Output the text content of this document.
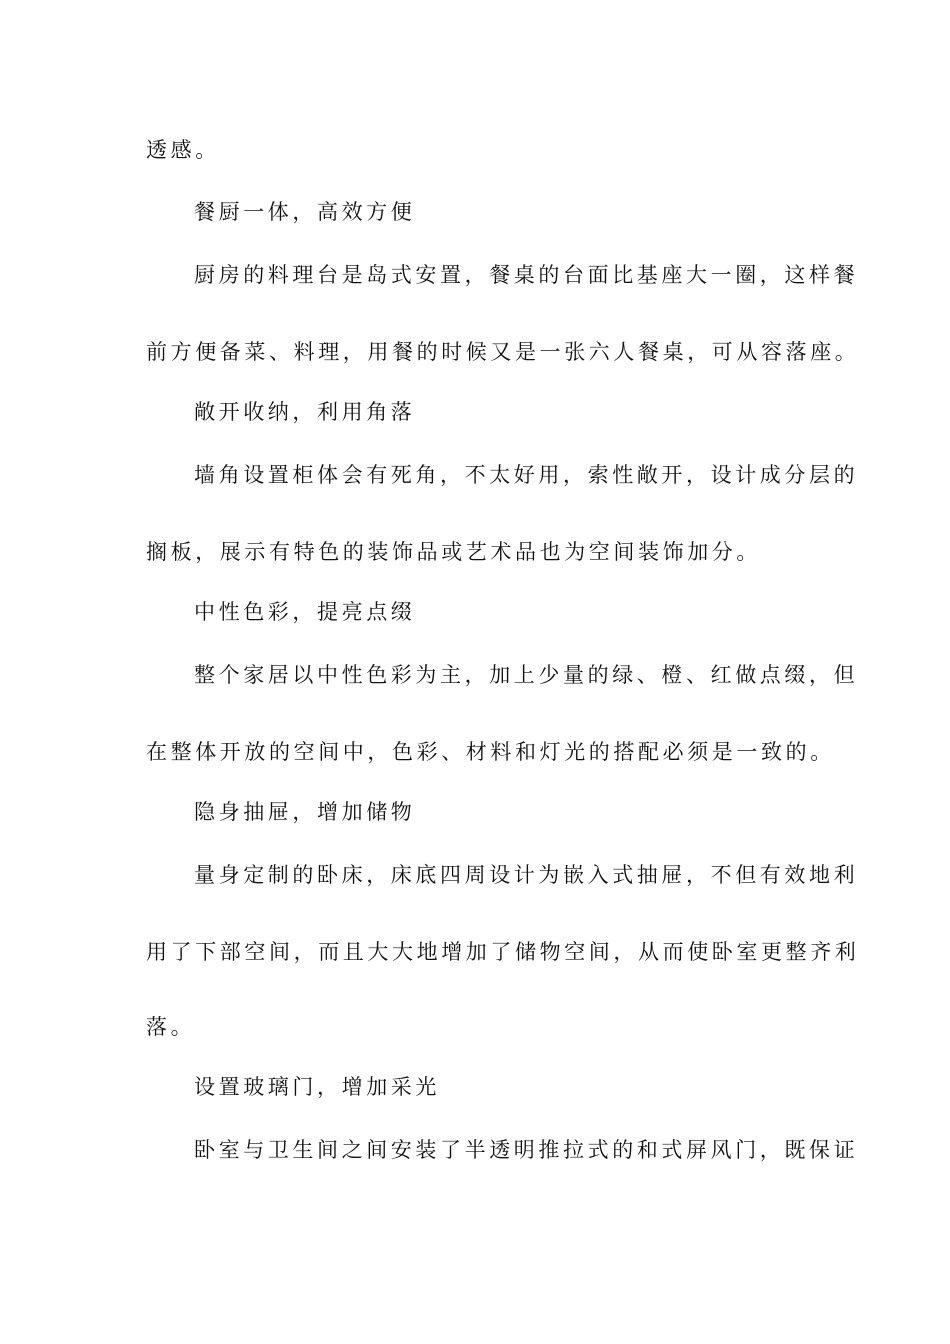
透感。
餐厨一体，高效方便
厨房的料理台是岛式安置，餐桌的台面比基座大一圈，这样餐
前方便备菜、料理，用餐的时候又是一张六人餐桌，可从容落座。
敞开收纳，利用角落
墙角设置柜体会有死角，不太好用，索性敞开，设计成分层的
搁板，展示有特色的装饰品或艺术品也为空间装饰加分。
中性色彩，提亮点缀
整个家居以中性色彩为主，加上少量的绿、橙、红做点缀，但
在整体开放的空间中，色彩、材料和灯光的搭配必须是一致的。
隐身抽屉，增加储物
量身定制的卧床，床底四周设计为嵌入式抽屉，不但有效地利
用了下部空间，而且大大地增加了储物空间，从而使卧室更整齐利
落。
设置玻璃门，增加采光
卧室与卫生间之间安装了半透明推拉式的和式屏风门，既保证
